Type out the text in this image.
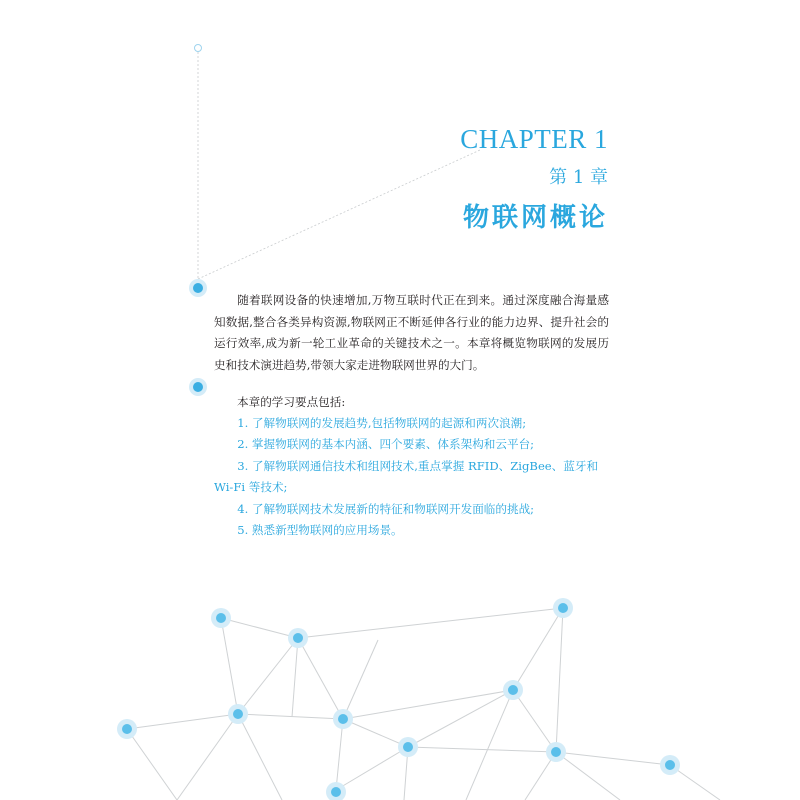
CHAPTER 1
第 1 章
物联网概论

随着联网设备的快速增加,万物互联时代正在到来。通过深度融合海量感知数据,整合各类异构资源,物联网正不断延伸各行业的能力边界、提升社会的运行效率,成为新一轮工业革命的关键技术之一。本章将概览物联网的发展历史和技术演进趋势,带领大家走进物联网世界的大门。

本章的学习要点包括:

1. 了解物联网的发展趋势,包括物联网的起源和两次浪潮;
2. 掌握物联网的基本内涵、四个要素、体系架构和云平台;
3. 了解物联网通信技术和组网技术,重点掌握 RFID、ZigBee、蓝牙和 Wi-Fi 等技术;
4. 了解物联网技术发展新的特征和物联网开发面临的挑战;
5. 熟悉新型物联网的应用场景。
